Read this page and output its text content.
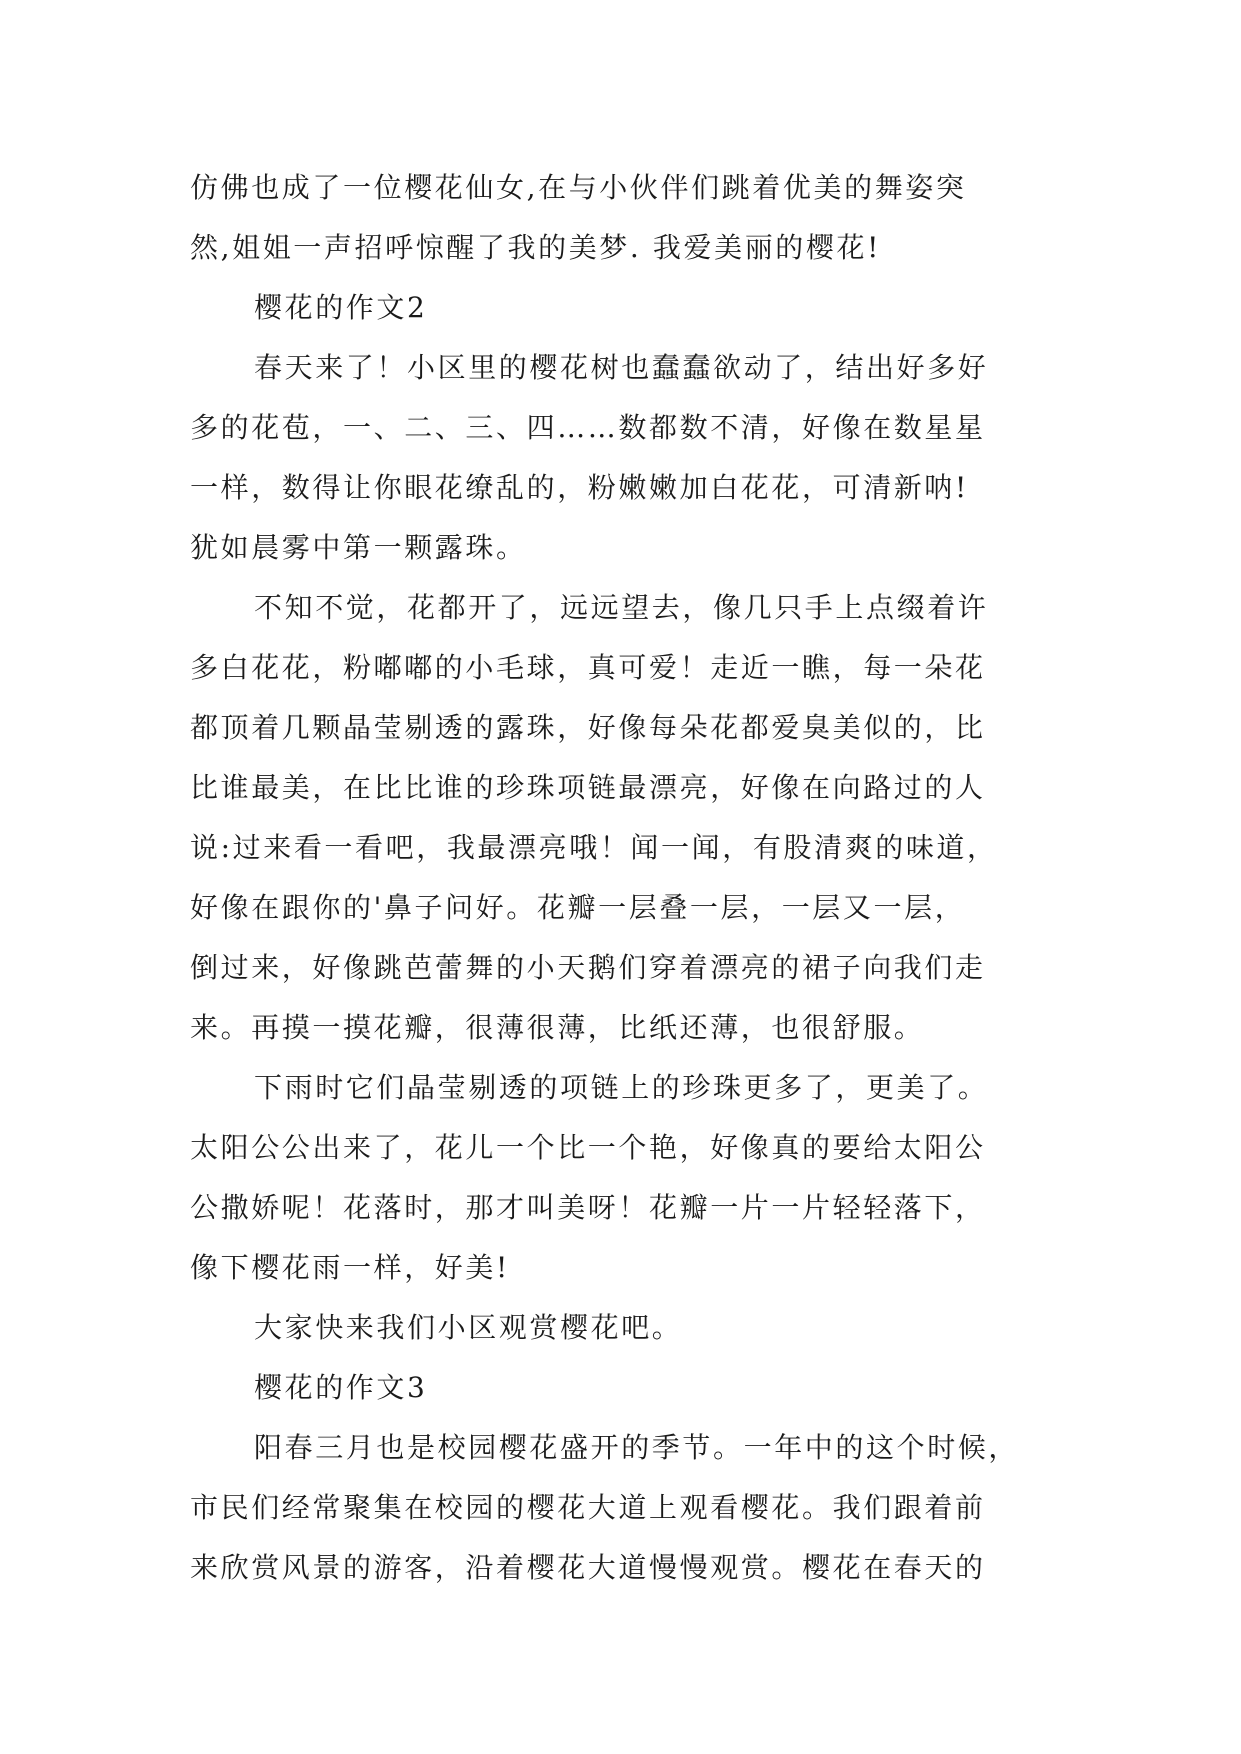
仿佛也成了一位樱花仙女,在与小伙伴们跳着优美的舞姿突
然,姐姐一声招呼惊醒了我的美梦. 我爱美丽的樱花!
樱花的作文2
春天来了！小区里的樱花树也蠢蠢欲动了，结出好多好
多的花苞，一、二、三、四……数都数不清，好像在数星星
一样，数得让你眼花缭乱的，粉嫩嫩加白花花，可清新呐!
犹如晨雾中第一颗露珠。
不知不觉，花都开了，远远望去，像几只手上点缀着许
多白花花，粉嘟嘟的小毛球，真可爱！走近一瞧，每一朵花
都顶着几颗晶莹剔透的露珠，好像每朵花都爱臭美似的，比
比谁最美，在比比谁的珍珠项链最漂亮，好像在向路过的人
说:过来看一看吧，我最漂亮哦！闻一闻，有股清爽的味道，
好像在跟你的'鼻子问好。花瓣一层叠一层，一层又一层，
倒过来，好像跳芭蕾舞的小天鹅们穿着漂亮的裙子向我们走
来。再摸一摸花瓣，很薄很薄，比纸还薄，也很舒服。
下雨时它们晶莹剔透的项链上的珍珠更多了，更美了。
太阳公公出来了，花儿一个比一个艳，好像真的要给太阳公
公撒娇呢！花落时，那才叫美呀！花瓣一片一片轻轻落下，
像下樱花雨一样，好美!
大家快来我们小区观赏樱花吧。
樱花的作文3
阳春三月也是校园樱花盛开的季节。一年中的这个时候，
市民们经常聚集在校园的樱花大道上观看樱花。我们跟着前
来欣赏风景的游客，沿着樱花大道慢慢观赏。樱花在春天的
